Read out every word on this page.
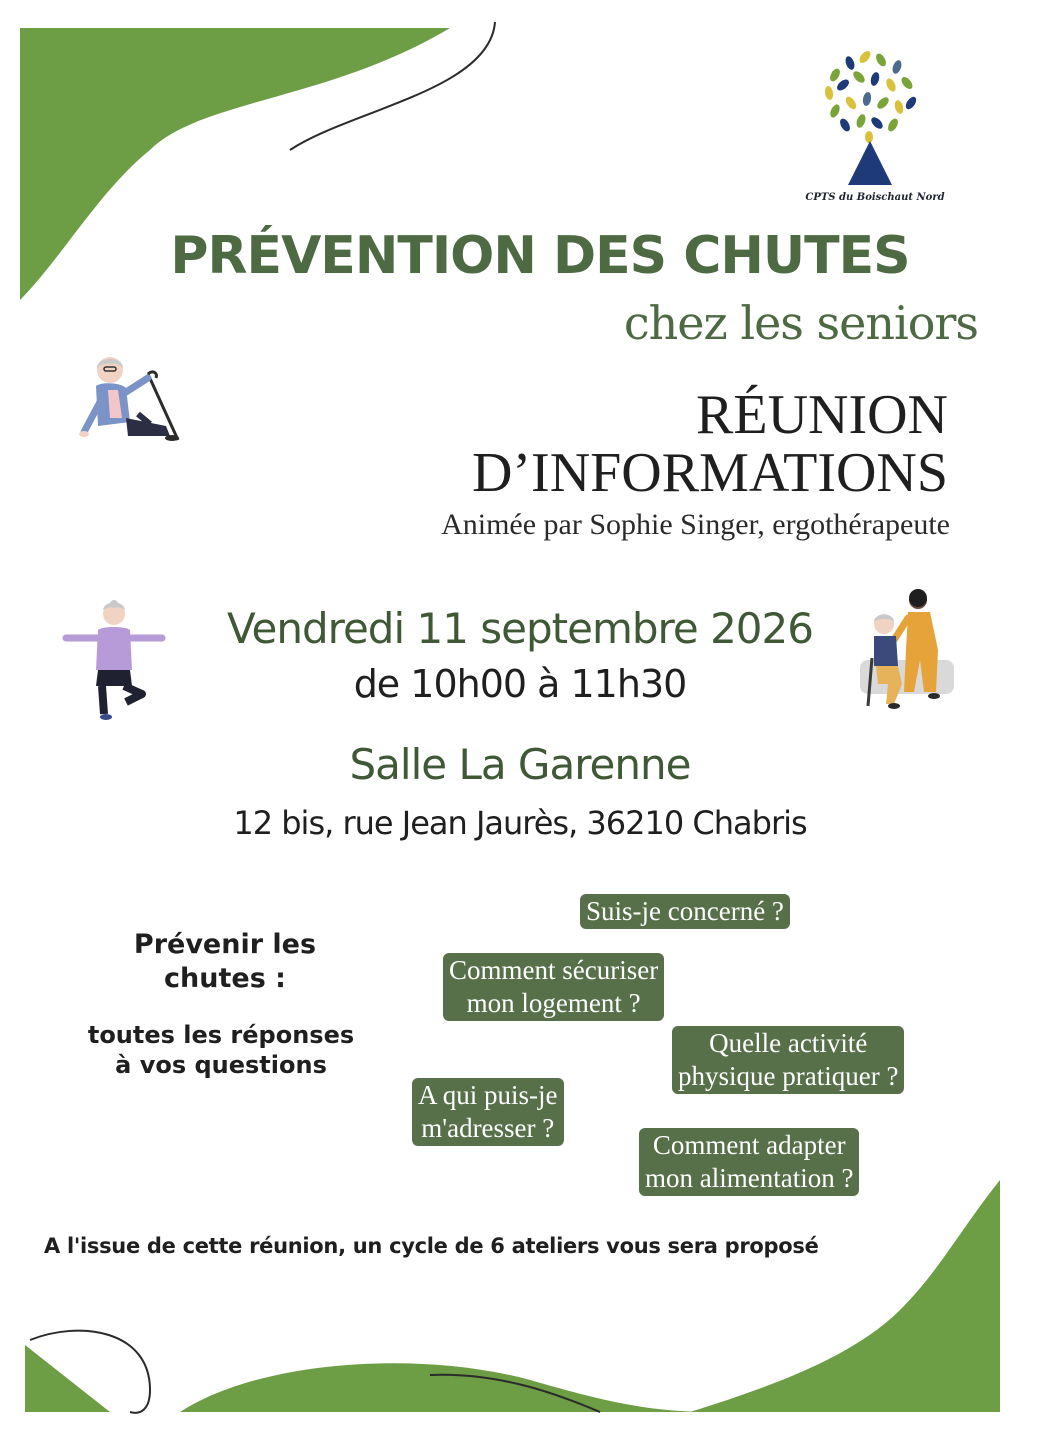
CPTS du Boischaut Nord
PRÉVENTION DES CHUTES
chez les seniors
RÉUNION
D’INFORMATIONS
Animée par Sophie Singer, ergothérapeute
Vendredi 11 septembre 2026
de 10h00 à 11h30
Salle La Garenne
12 bis, rue Jean Jaurès, 36210 Chabris
Prévenir les
chutes :
toutes les réponses
à vos questions
Suis-je concerné ?
Comment sécuriser
mon logement ?
Quelle activité
physique pratiquer ?
A qui puis-je
m'adresser ?
Comment adapter
mon alimentation ?
A l'issue de cette réunion, un cycle de 6 ateliers vous sera proposé
